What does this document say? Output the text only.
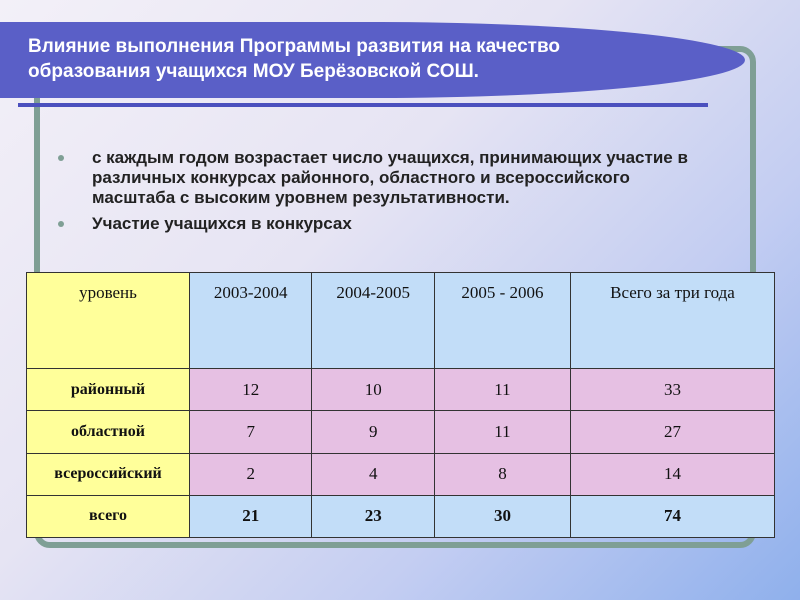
Влияние выполнения Программы развития на качество
образования учащихся МОУ Берёзовской СОШ.
с каждым годом возрастает число учащихся, принимающих участие в различных конкурсах районного, областного и всероссийского масштаба с высоким уровнем результативности.
Участие учащихся в конкурсах
уровень	2003-2004	2004-2005	2005 - 2006	Всего за три года
районный	12	10	11	33
областной	7	9	11	27
всероссийский	2	4	8	14
всего	21	23	30	74
